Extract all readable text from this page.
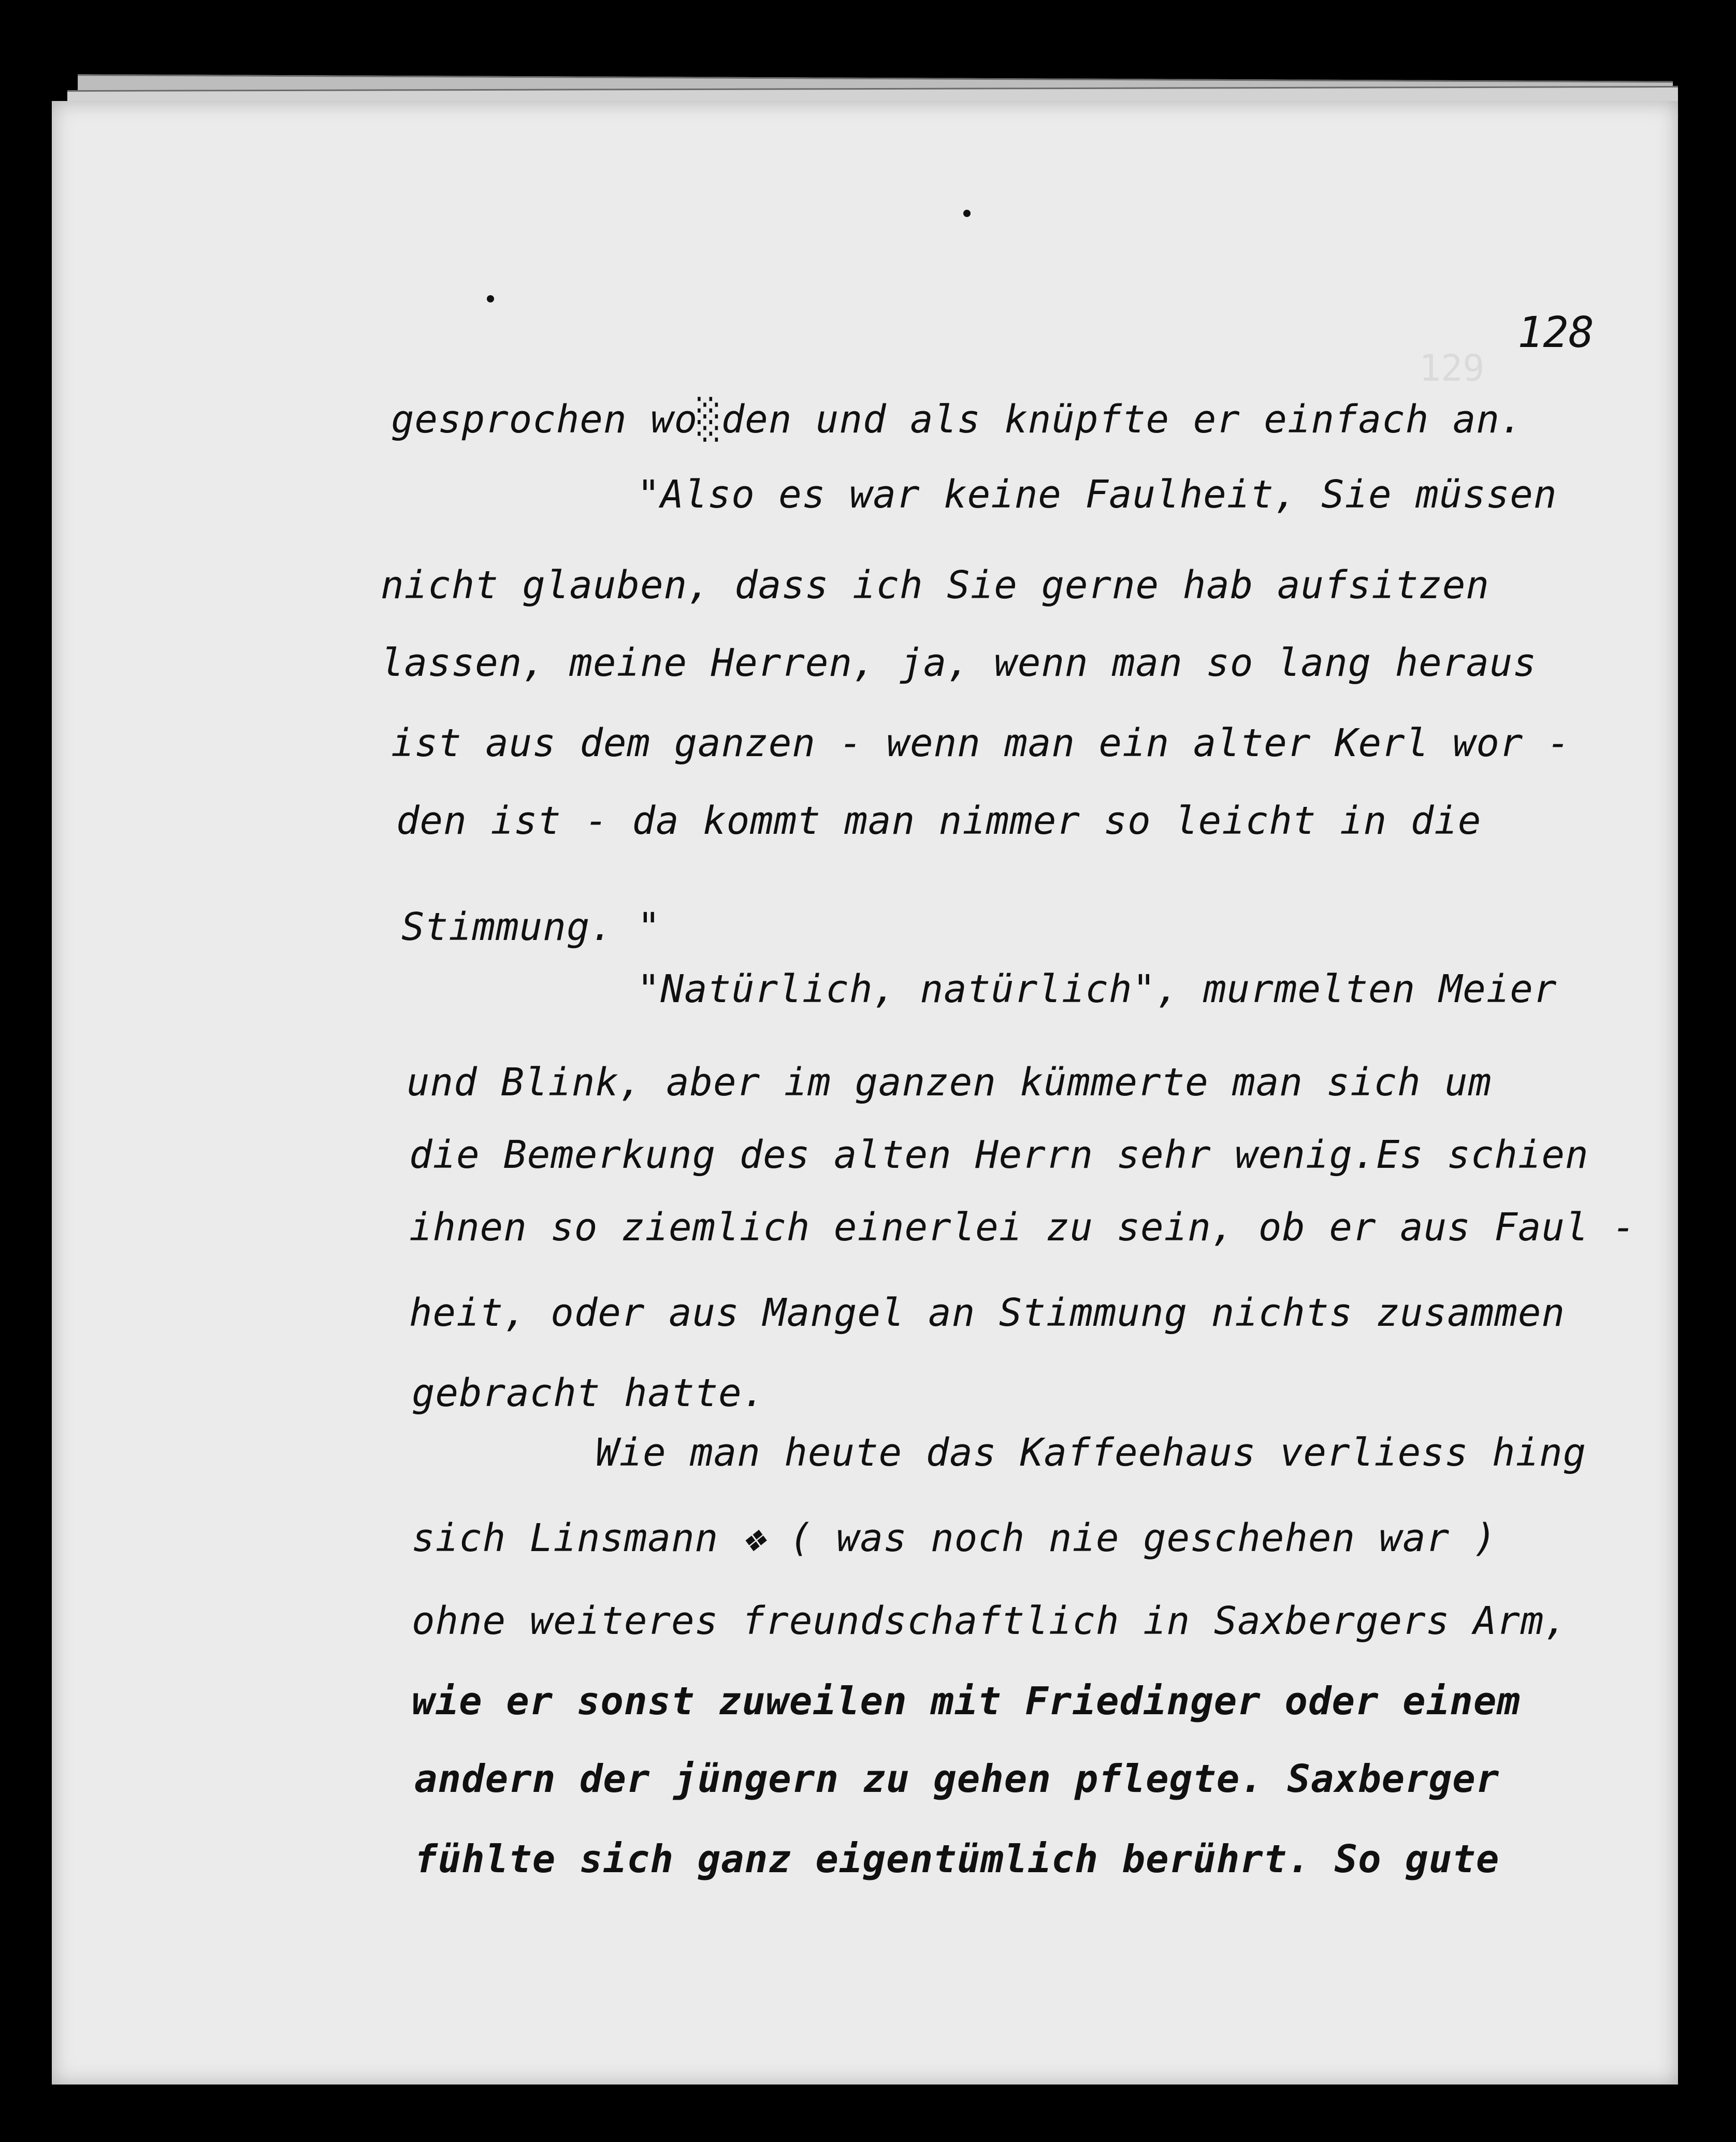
129
128
gesprochen wo░den und als knüpfte er einfach an.
"Also es war keine Faulheit, Sie müssen
nicht glauben, dass ich Sie gerne hab aufsitzen
lassen, meine Herren, ja, wenn man so lang heraus
ist aus dem ganzen - wenn man ein alter Kerl wor -
den ist - da kommt man nimmer so leicht in die
Stimmung. "
"Natürlich, natürlich", murmelten Meier
und Blink, aber im ganzen kümmerte man sich um
die Bemerkung des alten Herrn sehr wenig.Es schien
ihnen so ziemlich einerlei zu sein, ob er aus Faul -
heit, oder aus Mangel an Stimmung nichts zusammen
gebracht hatte.
Wie man heute das Kaffeehaus verliess hing
sich Linsmann ❖ ( was noch nie geschehen war )
ohne weiteres freundschaftlich in Saxbergers Arm,
wie er sonst zuweilen mit Friedinger oder einem
andern der jüngern zu gehen pflegte. Saxberger
fühlte sich ganz eigentümlich berührt. So gute
